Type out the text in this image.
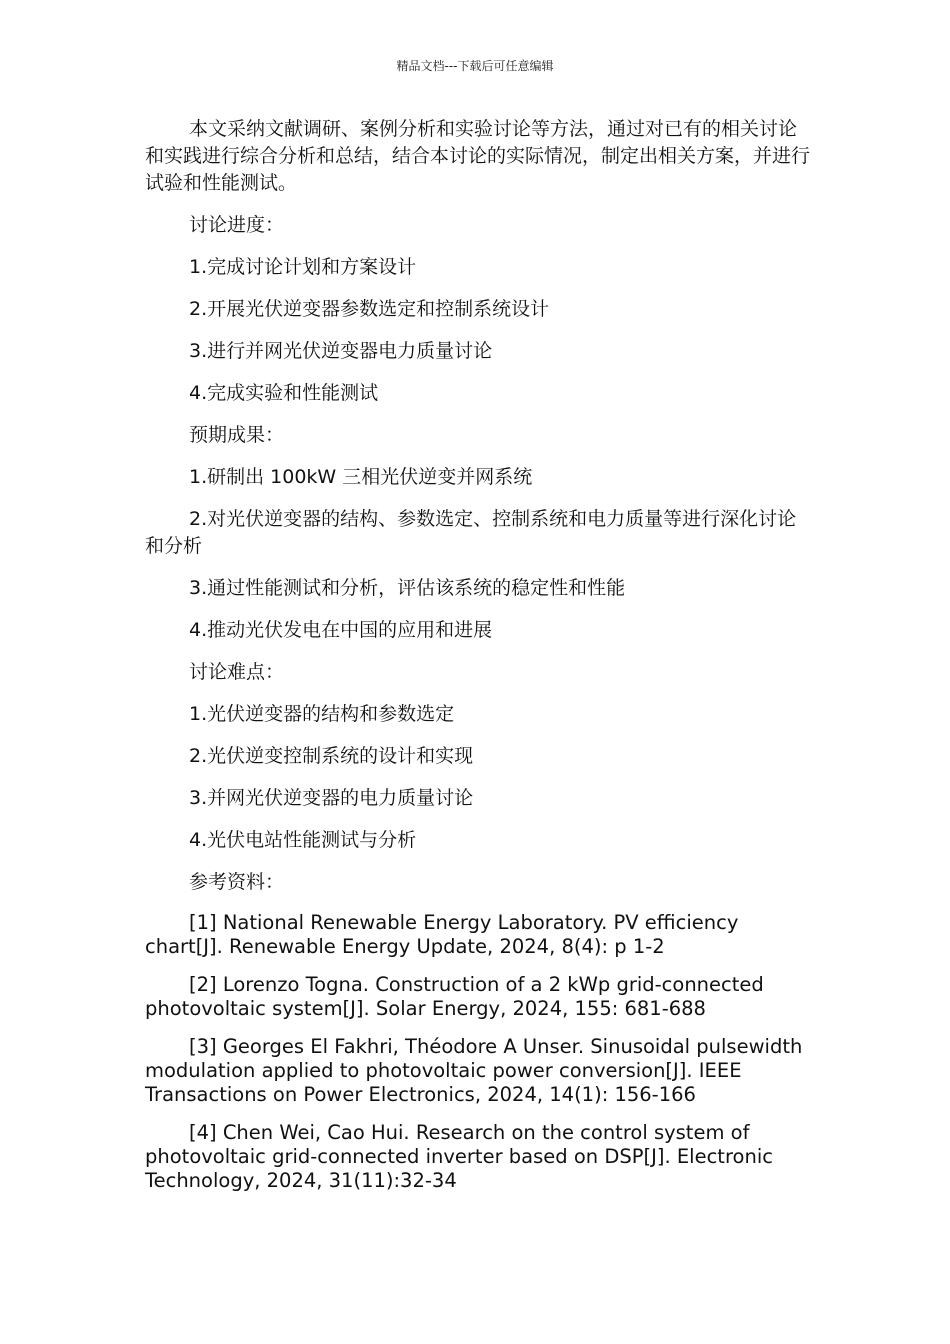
精品文档---下载后可任意编辑

本文采纳文献调研、案例分析和实验讨论等方法，通过对已有的相关讨论和实践进行综合分析和总结，结合本讨论的实际情况，制定出相关方案，并进行试验和性能测试。

讨论进度：

1.完成讨论计划和方案设计

2.开展光伏逆变器参数选定和控制系统设计

3.进行并网光伏逆变器电力质量讨论

4.完成实验和性能测试

预期成果：

1.研制出 100kW 三相光伏逆变并网系统

2.对光伏逆变器的结构、参数选定、控制系统和电力质量等进行深化讨论和分析

3.通过性能测试和分析，评估该系统的稳定性和性能

4.推动光伏发电在中国的应用和进展

讨论难点：

1.光伏逆变器的结构和参数选定

2.光伏逆变控制系统的设计和实现

3.并网光伏逆变器的电力质量讨论

4.光伏电站性能测试与分析

参考资料：

[1] National Renewable Energy Laboratory. PV efficiency chart[J]. Renewable Energy Update, 2024, 8(4): p 1-2

[2] Lorenzo Togna. Construction of a 2 kWp grid-connected photovoltaic system[J]. Solar Energy, 2024, 155: 681-688

[3] Georges El Fakhri, Théodore A Unser. Sinusoidal pulsewidth modulation applied to photovoltaic power conversion[J]. IEEE Transactions on Power Electronics, 2024, 14(1): 156-166

[4] Chen Wei, Cao Hui. Research on the control system of photovoltaic grid-connected inverter based on DSP[J]. Electronic Technology, 2024, 31(11):32-34
